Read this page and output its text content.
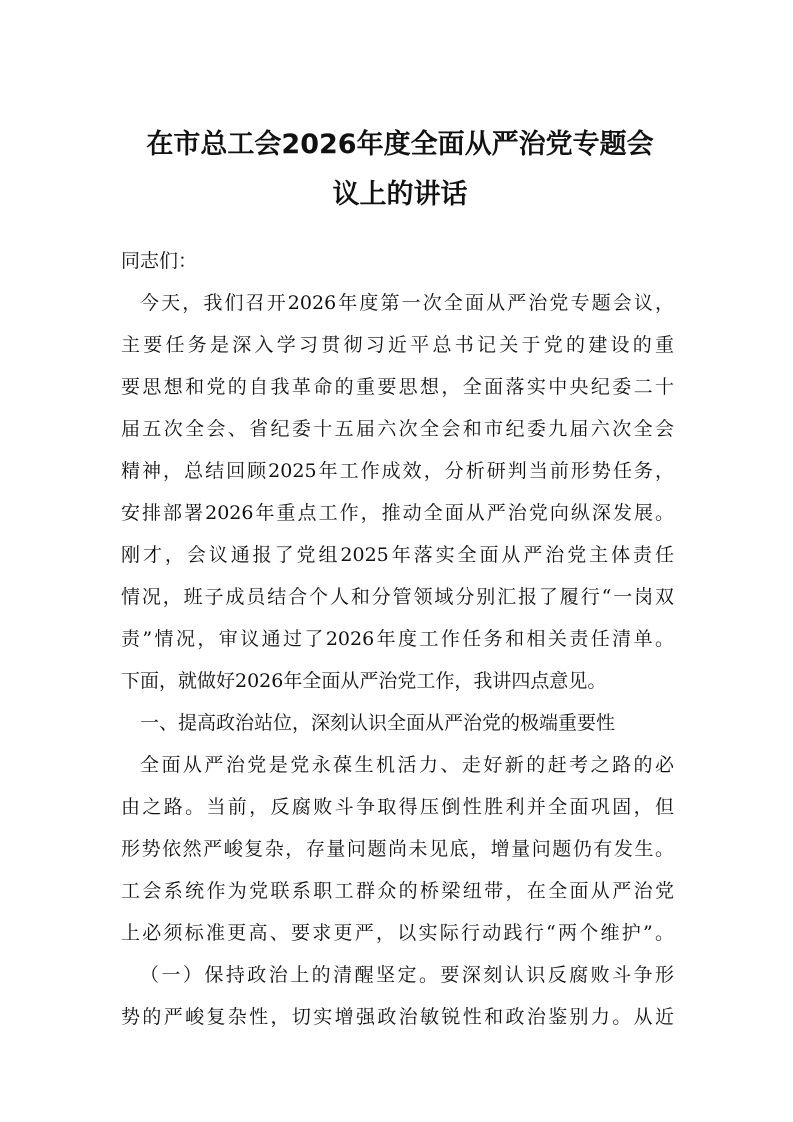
在市总工会2026年度全面从严治党专题会
议上的讲话
同志们：
今天，我们召开2026年度第一次全面从严治党专题会议，
主要任务是深入学习贯彻习近平总书记关于党的建设的重
要思想和党的自我革命的重要思想，全面落实中央纪委二十
届五次全会、省纪委十五届六次全会和市纪委九届六次全会
精神，总结回顾2025年工作成效，分析研判当前形势任务，
安排部署2026年重点工作，推动全面从严治党向纵深发展。
刚才，会议通报了党组2025年落实全面从严治党主体责任
情况，班子成员结合个人和分管领域分别汇报了履行“一岗双
责”情况，审议通过了2026年度工作任务和相关责任清单。
下面，就做好2026年全面从严治党工作，我讲四点意见。
一、提高政治站位，深刻认识全面从严治党的极端重要性
全面从严治党是党永葆生机活力、走好新的赶考之路的必
由之路。当前，反腐败斗争取得压倒性胜利并全面巩固，但
形势依然严峻复杂，存量问题尚未见底，增量问题仍有发生。
工会系统作为党联系职工群众的桥梁纽带，在全面从严治党
上必须标准更高、要求更严，以实际行动践行“两个维护”。
（一）保持政治上的清醒坚定。要深刻认识反腐败斗争形
势的严峻复杂性，切实增强政治敏锐性和政治鉴别力。从近
